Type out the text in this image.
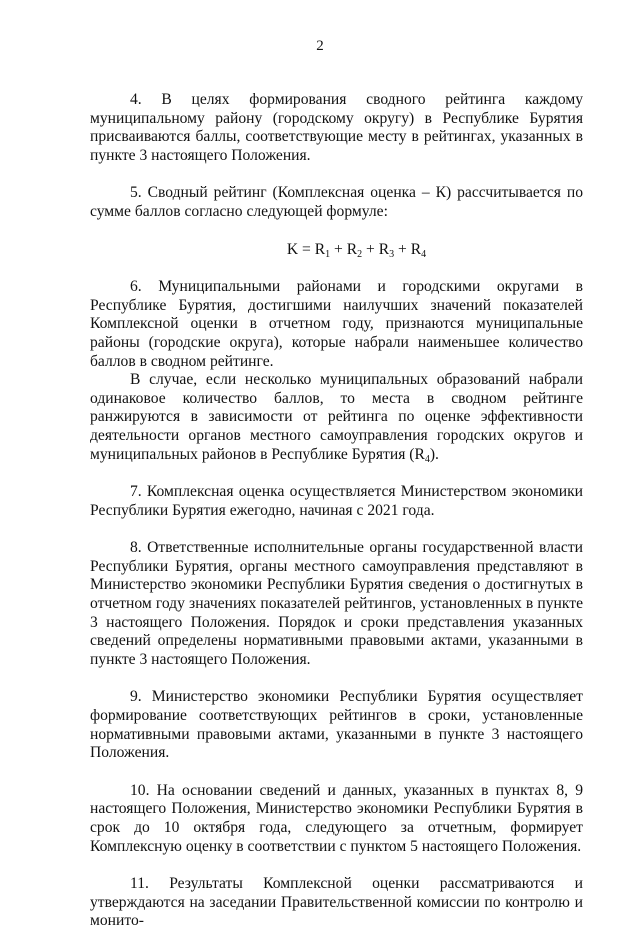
2

4. В целях формирования сводного рейтинга каждому муниципальному району (городскому округу) в Республике Бурятия присваиваются баллы, соответствующие месту в рейтингах, указанных в пункте 3 настоящего Положения.

5. Сводный рейтинг (Комплексная оценка – К) рассчитывается по сумме баллов согласно следующей формуле:

$K = R_1 + R_2 + R_3 + R_4$

6. Муниципальными районами и городскими округами в Республике Бурятия, достигшими наилучших значений показателей Комплексной оценки в отчетном году, признаются муниципальные районы (городские округа), которые набрали наименьшее количество баллов в сводном рейтинге.

В случае, если несколько муниципальных образований набрали одинаковое количество баллов, то места в сводном рейтинге ранжируются в зависимости от рейтинга по оценке эффективности деятельности органов местного самоуправления городских округов и муниципальных районов в Республике Бурятия (R4).

7. Комплексная оценка осуществляется Министерством экономики Республики Бурятия ежегодно, начиная с 2021 года.

8. Ответственные исполнительные органы государственной власти Республики Бурятия, органы местного самоуправления представляют в Министерство экономики Республики Бурятия сведения о достигнутых в отчетном году значениях показателей рейтингов, установленных в пункте 3 настоящего Положения. Порядок и сроки представления указанных сведений определены нормативными правовыми актами, указанными в пункте 3 настоящего Положения.

9. Министерство экономики Республики Бурятия осуществляет формирование соответствующих рейтингов в сроки, установленные нормативными правовыми актами, указанными в пункте 3 настоящего Положения.

10. На основании сведений и данных, указанных в пунктах 8, 9 настоящего Положения, Министерство экономики Республики Бурятия в срок до 10 октября года, следующего за отчетным, формирует Комплексную оценку в соответствии с пунктом 5 настоящего Положения.

11. Результаты Комплексной оценки рассматриваются и утверждаются на заседании Правительственной комиссии по контролю и монито-
